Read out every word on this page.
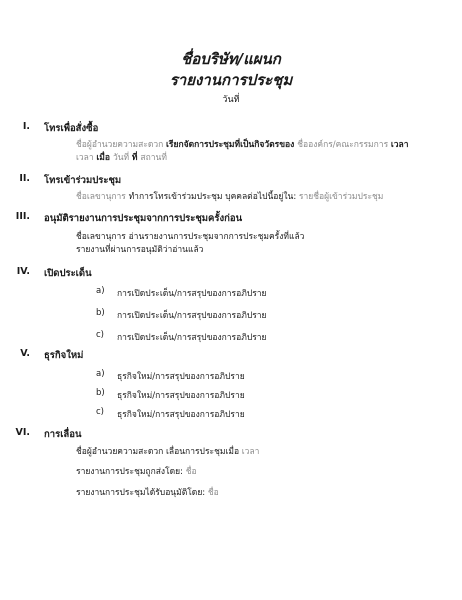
ชื่อบริษัท/แผนก
รายงานการประชุม
วันที่
I. โทรเพื่อสั่งซื้อ
ชื่อผู้อำนวยความสะดวก เรียกจัดการประชุมที่เป็นกิจวัตรของ ชื่อองค์กร/คณะกรรมการ เวลา
เวลา เมื่อ วันที่ ที่ สถานที่
II. โทรเข้าร่วมประชุม
ชื่อเลขานุการ ทำการโทรเข้าร่วมประชุม บุคคลต่อไปนี้อยู่ใน: รายชื่อผู้เข้าร่วมประชุม
III. อนุมัติรายงานการประชุมจากการประชุมครั้งก่อน
ชื่อเลขานุการ อ่านรายงานการประชุมจากการประชุมครั้งที่แล้ว
รายงานที่ผ่านการอนุมัติว่าอ่านแล้ว
IV. เปิดประเด็น
a) การเปิดประเด็น/การสรุปของการอภิปราย
b) การเปิดประเด็น/การสรุปของการอภิปราย
c) การเปิดประเด็น/การสรุปของการอภิปราย
V. ธุรกิจใหม่
a) ธุรกิจใหม่/การสรุปของการอภิปราย
b) ธุรกิจใหม่/การสรุปของการอภิปราย
c) ธุรกิจใหม่/การสรุปของการอภิปราย
VI. การเลื่อน
ชื่อผู้อำนวยความสะดวก เลื่อนการประชุมเมื่อ เวลา
รายงานการประชุมถูกส่งโดย: ชื่อ
รายงานการประชุมได้รับอนุมัติโดย: ชื่อ
